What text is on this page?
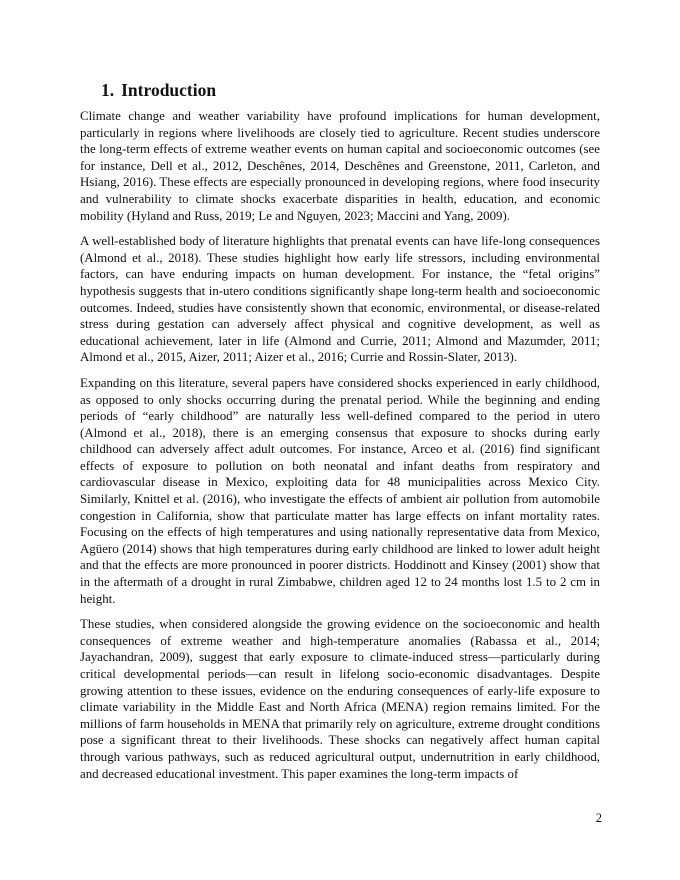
1. Introduction

Climate change and weather variability have profound implications for human development, particularly in regions where livelihoods are closely tied to agriculture. Recent studies underscore the long-term effects of extreme weather events on human capital and socioeconomic outcomes (see for instance, Dell et al., 2012, Deschênes, 2014, Deschênes and Greenstone, 2011, Carleton, and Hsiang, 2016). These effects are especially pronounced in developing regions, where food insecurity and vulnerability to climate shocks exacerbate disparities in health, education, and economic mobility (Hyland and Russ, 2019; Le and Nguyen, 2023; Maccini and Yang, 2009).

A well-established body of literature highlights that prenatal events can have life-long consequences (Almond et al., 2018). These studies highlight how early life stressors, including environmental factors, can have enduring impacts on human development. For instance, the “fetal origins” hypothesis suggests that in-utero conditions significantly shape long-term health and socioeconomic outcomes. Indeed, studies have consistently shown that economic, environmental, or disease-related stress during gestation can adversely affect physical and cognitive development, as well as educational achievement, later in life (Almond and Currie, 2011; Almond and Mazumder, 2011; Almond et al., 2015, Aizer, 2011; Aizer et al., 2016; Currie and Rossin-Slater, 2013).

Expanding on this literature, several papers have considered shocks experienced in early childhood, as opposed to only shocks occurring during the prenatal period. While the beginning and ending periods of “early childhood” are naturally less well-defined compared to the period in utero (Almond et al., 2018), there is an emerging consensus that exposure to shocks during early childhood can adversely affect adult outcomes. For instance, Arceo et al. (2016) find significant effects of exposure to pollution on both neonatal and infant deaths from respiratory and cardiovascular disease in Mexico, exploiting data for 48 municipalities across Mexico City. Similarly, Knittel et al. (2016), who investigate the effects of ambient air pollution from automobile congestion in California, show that particulate matter has large effects on infant mortality rates. Focusing on the effects of high temperatures and using nationally representative data from Mexico, Agüero (2014) shows that high temperatures during early childhood are linked to lower adult height and that the effects are more pronounced in poorer districts. Hoddinott and Kinsey (2001) show that in the aftermath of a drought in rural Zimbabwe, children aged 12 to 24 months lost 1.5 to 2 cm in height.

These studies, when considered alongside the growing evidence on the socioeconomic and health consequences of extreme weather and high-temperature anomalies (Rabassa et al., 2014; Jayachandran, 2009), suggest that early exposure to climate-induced stress—particularly during critical developmental periods—can result in lifelong socio-economic disadvantages. Despite growing attention to these issues, evidence on the enduring consequences of early-life exposure to climate variability in the Middle East and North Africa (MENA) region remains limited. For the millions of farm households in MENA that primarily rely on agriculture, extreme drought conditions pose a significant threat to their livelihoods. These shocks can negatively affect human capital through various pathways, such as reduced agricultural output, undernutrition in early childhood, and decreased educational investment. This paper examines the long-term impacts of

2
